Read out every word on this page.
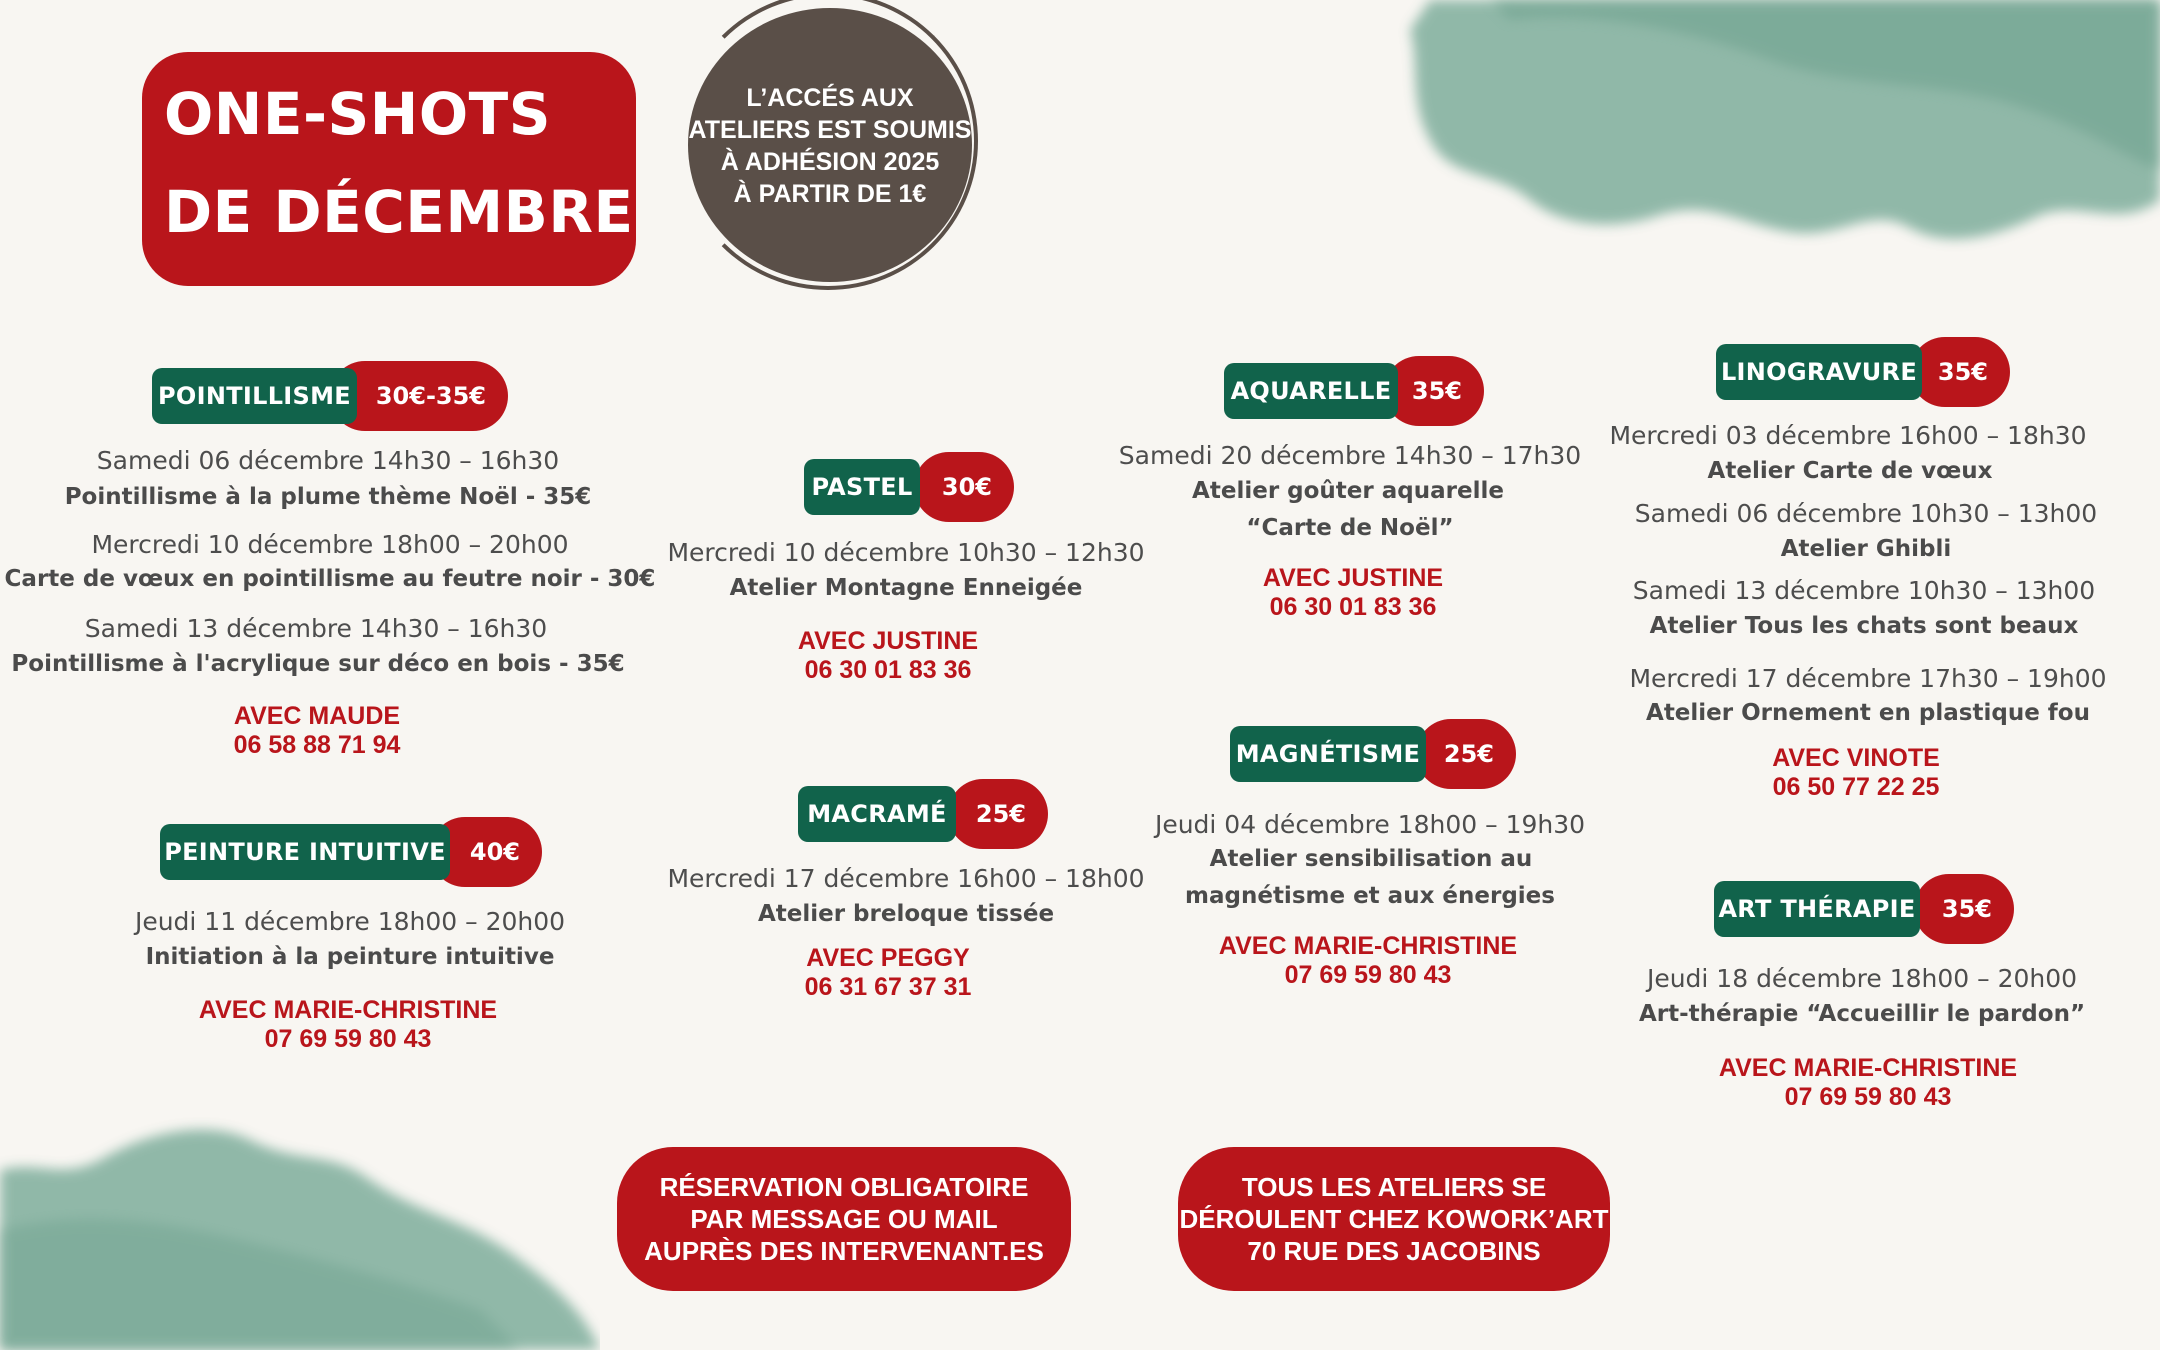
ONE-SHOTS
DE DÉCEMBRE
L’ACCÉS AUX
ATELIERS EST SOUMIS
À ADHÉSION 2025
À PARTIR DE 1€
30€-35€
POINTILLISME
Samedi 06 décembre 14h30 – 16h30
Pointillisme à la plume thème Noël - 35€
Mercredi 10 décembre 18h00 – 20h00
Carte de vœux en pointillisme au feutre noir - 30€
Samedi 13 décembre 14h30 – 16h30
Pointillisme à l'acrylique sur déco en bois - 35€
AVEC MAUDE
06 58 88 71 94
40€
PEINTURE INTUITIVE
Jeudi 11 décembre 18h00 – 20h00
Initiation à la peinture intuitive
AVEC MARIE-CHRISTINE
07 69 59 80 43
30€
PASTEL
Mercredi 10 décembre 10h30 – 12h30
Atelier Montagne Enneigée
AVEC JUSTINE
06 30 01 83 36
25€
MACRAMÉ
Mercredi 17 décembre 16h00 – 18h00
Atelier breloque tissée
AVEC PEGGY
06 31 67 37 31
35€
AQUARELLE
Samedi 20 décembre 14h30 – 17h30
Atelier goûter aquarelle
“Carte de Noël”
AVEC JUSTINE
06 30 01 83 36
25€
MAGNÉTISME
Jeudi 04 décembre 18h00 – 19h30
Atelier sensibilisation au
magnétisme et aux énergies
AVEC MARIE-CHRISTINE
07 69 59 80 43
35€
LINOGRAVURE
Mercredi 03 décembre 16h00 – 18h30
Atelier Carte de vœux
Samedi 06 décembre 10h30 – 13h00
Atelier Ghibli
Samedi 13 décembre 10h30 – 13h00
Atelier Tous les chats sont beaux
Mercredi 17 décembre 17h30 – 19h00
Atelier Ornement en plastique fou
AVEC VINOTE
06 50 77 22 25
35€
ART THÉRAPIE
Jeudi 18 décembre 18h00 – 20h00
Art-thérapie “Accueillir le pardon”
AVEC MARIE-CHRISTINE
07 69 59 80 43
RÉSERVATION OBLIGATOIRE
PAR MESSAGE OU MAIL
AUPRÈS DES INTERVENANT.ES
TOUS LES ATELIERS SE
DÉROULENT CHEZ KOWORK’ART
70 RUE DES JACOBINS
